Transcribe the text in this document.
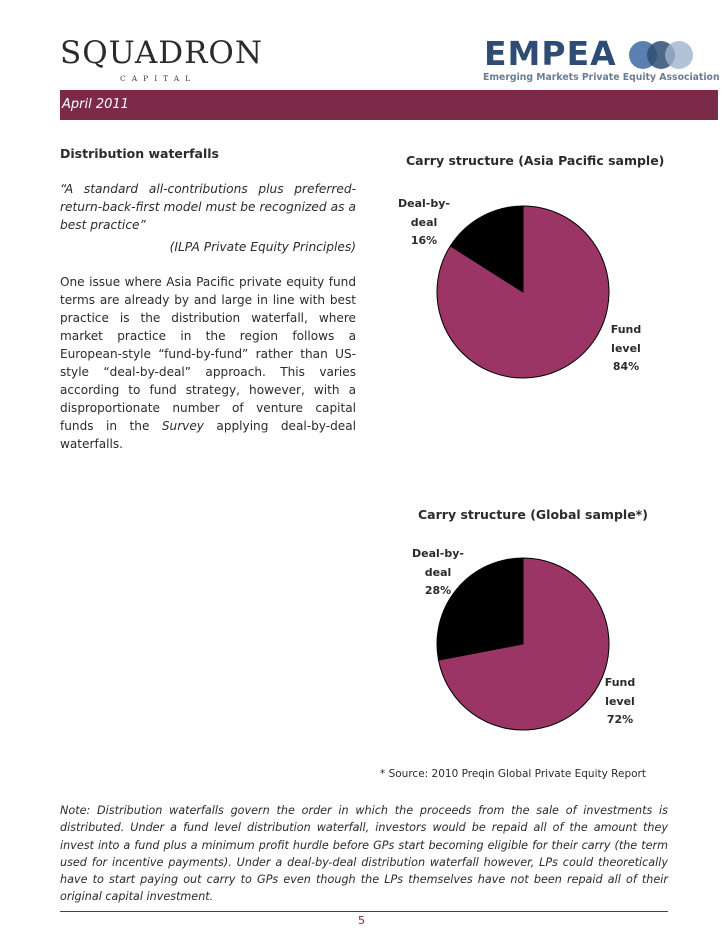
SQUADRON
CAPITAL
EMPEA
Emerging Markets Private Equity Association
April 2011
Distribution waterfalls
“A standard all-contributions plus preferred-return-back-first model must be recognized as a best practice”
(ILPA Private Equity Principles)
One issue where Asia Pacific private equity fund terms are already by and large in line with best practice is the distribution waterfall, where market practice in the region follows a European-style “fund-by-fund” rather than US-style “deal-by-deal” approach. This varies according to fund strategy, however, with a disproportionate number of venture capital funds in the Survey applying deal-by-deal waterfalls.
Carry structure (Asia Pacific sample)
Deal-by-
deal
16%
Fund
level
84%
Carry structure (Global sample*)
Deal-by-
deal
28%
Fund
level
72%
* Source: 2010 Preqin Global Private Equity Report
Note: Distribution waterfalls govern the order in which the proceeds from the sale of investments is distributed. Under a fund level distribution waterfall, investors would be repaid all of the amount they invest into a fund plus a minimum profit hurdle before GPs start becoming eligible for their carry (the term used for incentive payments). Under a deal-by-deal distribution waterfall however, LPs could theoretically have to start paying out carry to GPs even though the LPs themselves have not been repaid all of their original capital investment.
5
